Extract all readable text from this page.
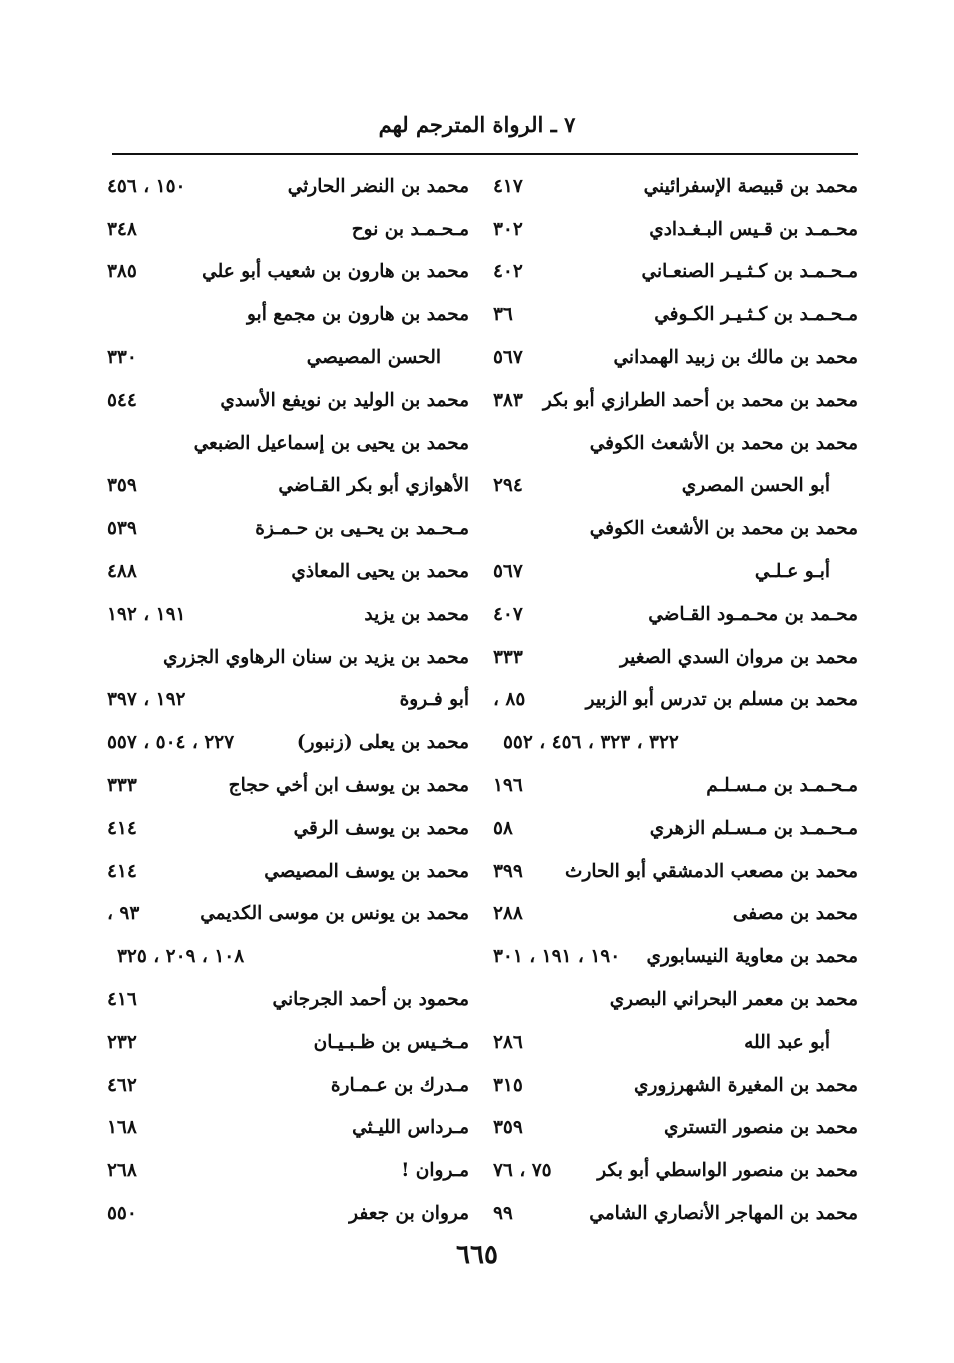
٧ ـ الرواة المترجم لهم
محمد بن قبيصة الإسفرائيني
٤١٧
محـمـد بن قـيس البـغـدادي
٣٠٢
مـحـمـد بن كـثـيـر الصنعـاني
٤٠٢
مـحـمـد بن كـثـيـر الكـوفي
٣٦
محمد بن مالك بن زبيد الهمداني
٥٦٧
محمد بن محمد بن أحمد الطرازي أبو بكر
٣٨٣
محمد بن محمد بن الأشعث الكوفي
أبو الحسن المصري
٢٩٤
محمد بن محمد بن الأشعث الكوفي
أبـو عـلـي
٥٦٧
محـمد بن محـمـود القـاضي
٤٠٧
محمد بن مروان السدي الصغير
٣٣٣
محمد بن مسلم بن تدرس أبو الزبير
٨٥ ،
٣٢٢ ، ٣٢٣ ، ٤٥٦ ، ٥٥٢
مـحـمـد بن مـسـلـم
١٩٦
مـحـمـد بن مـسـلم الزهري
٥٨
محمد بن مصعب الدمشقي أبو الحارث
٣٩٩
محمد بن مصفى
٢٨٨
محمد بن معاوية النيسابوري
١٩٠ ، ١٩١ ، ٣٠١
محمد بن معمر البحراني البصري
أبو عبد الله
٢٨٦
محمد بن المغيرة الشهرزوري
٣١٥
محمد بن منصور التستري
٣٥٩
محمد بن منصور الواسطي أبو بكر
٧٥ ، ٧٦
محمد بن المهاجر الأنصاري الشامي
٩٩
محمد بن النضر الحارثي
١٥٠ ، ٤٥٦
مـحـمـد بن نوح
٣٤٨
محمد بن هارون بن شعيب أبو علي
٣٨٥
محمد بن هارون بن مجمع أبو
الحسن المصيصي
٣٣٠
محمد بن الوليد بن نويفع الأسدي
٥٤٤
محمد بن يحيى بن إسماعيل الضبعي
الأهوازي أبو بكر القـاضي
٣٥٩
مـحـمد بن يحـيى بن حـمـزة
٥٣٩
محمد بن يحيى المعاذي
٤٨٨
محمد بن يزيد
١٩١ ، ١٩٢
محمد بن يزيد بن سنان الرهاوي الجزري
أبو فـروة
١٩٢ ، ٣٩٧
محمد بن يعلى (زنبور)
٢٢٧ ، ٥٠٤ ، ٥٥٧
محمد بن يوسف ابن أخي حجاج
٣٣٣
محمد بن يوسف الرقي
٤١٤
محمد بن يوسف المصيصي
٤١٤
محمد بن يونس بن موسى الكديمي
٩٣ ،
١٠٨ ، ٢٠٩ ، ٣٢٥
محمود بن أحمد الجرجاني
٤١٦
مـخـيس بن ظـبـيـان
٢٣٢
مـدرك بن عـمـارة
٤٦٢
مـرداس الليـثي
١٦٨
مـروان !
٢٦٨
مروان بن جعفر
٥٥٠
٦٦٥
